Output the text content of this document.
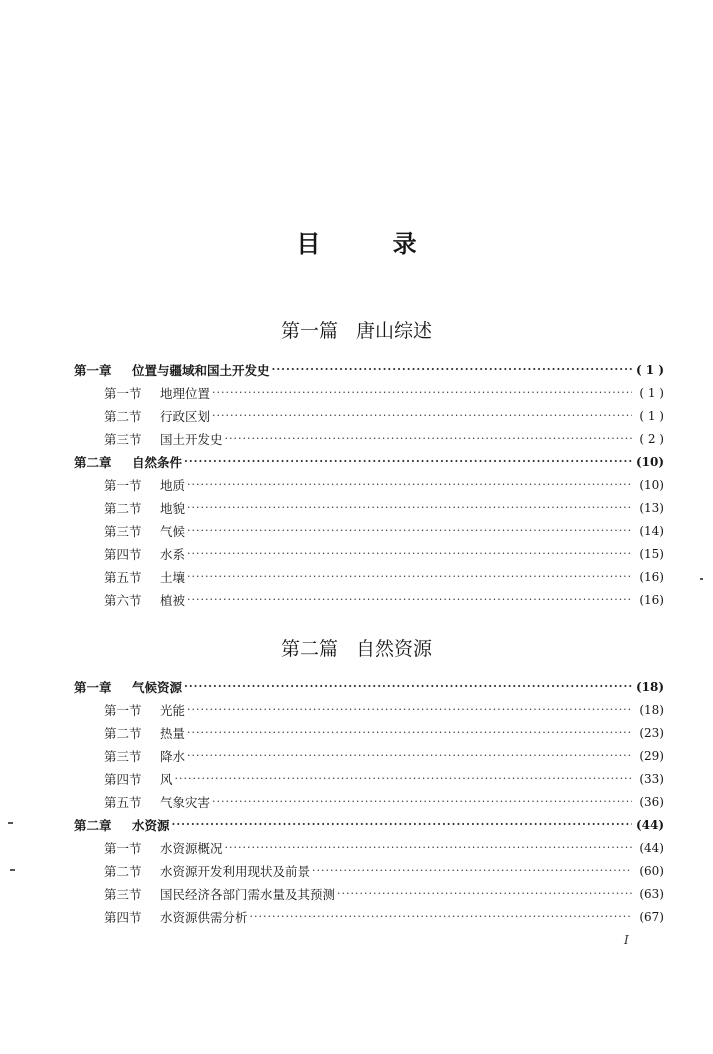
目 录
第一篇 唐山综述
第一章	位置与疆域和国土开发史 ·····	( 1 )
第一节	地理位置 ·····	( 1 )
第二节	行政区划 ·····	( 1 )
第三节	国土开发史 ·····	( 2 )
第二章	自然条件 ·····	(10)
第一节	地质 ·····	(10)
第二节	地貌 ·····	(13)
第三节	气候 ·····	(14)
第四节	水系 ·····	(15)
第五节	土壤 ·····	(16)
第六节	植被 ·····	(16)
第二篇 自然资源
第一章	气候资源 ·····	(18)
第一节	光能 ·····	(18)
第二节	热量 ·····	(23)
第三节	降水 ·····	(29)
第四节	风 ·····	(33)
第五节	气象灾害 ·····	(36)
第二章	水资源 ·····	(44)
第一节	水资源概况 ·····	(44)
第二节	水资源开发利用现状及前景 ·····	(60)
第三节	国民经济各部门需水量及其预测 ·····	(63)
第四节	水资源供需分析 ·····	(67)
I
